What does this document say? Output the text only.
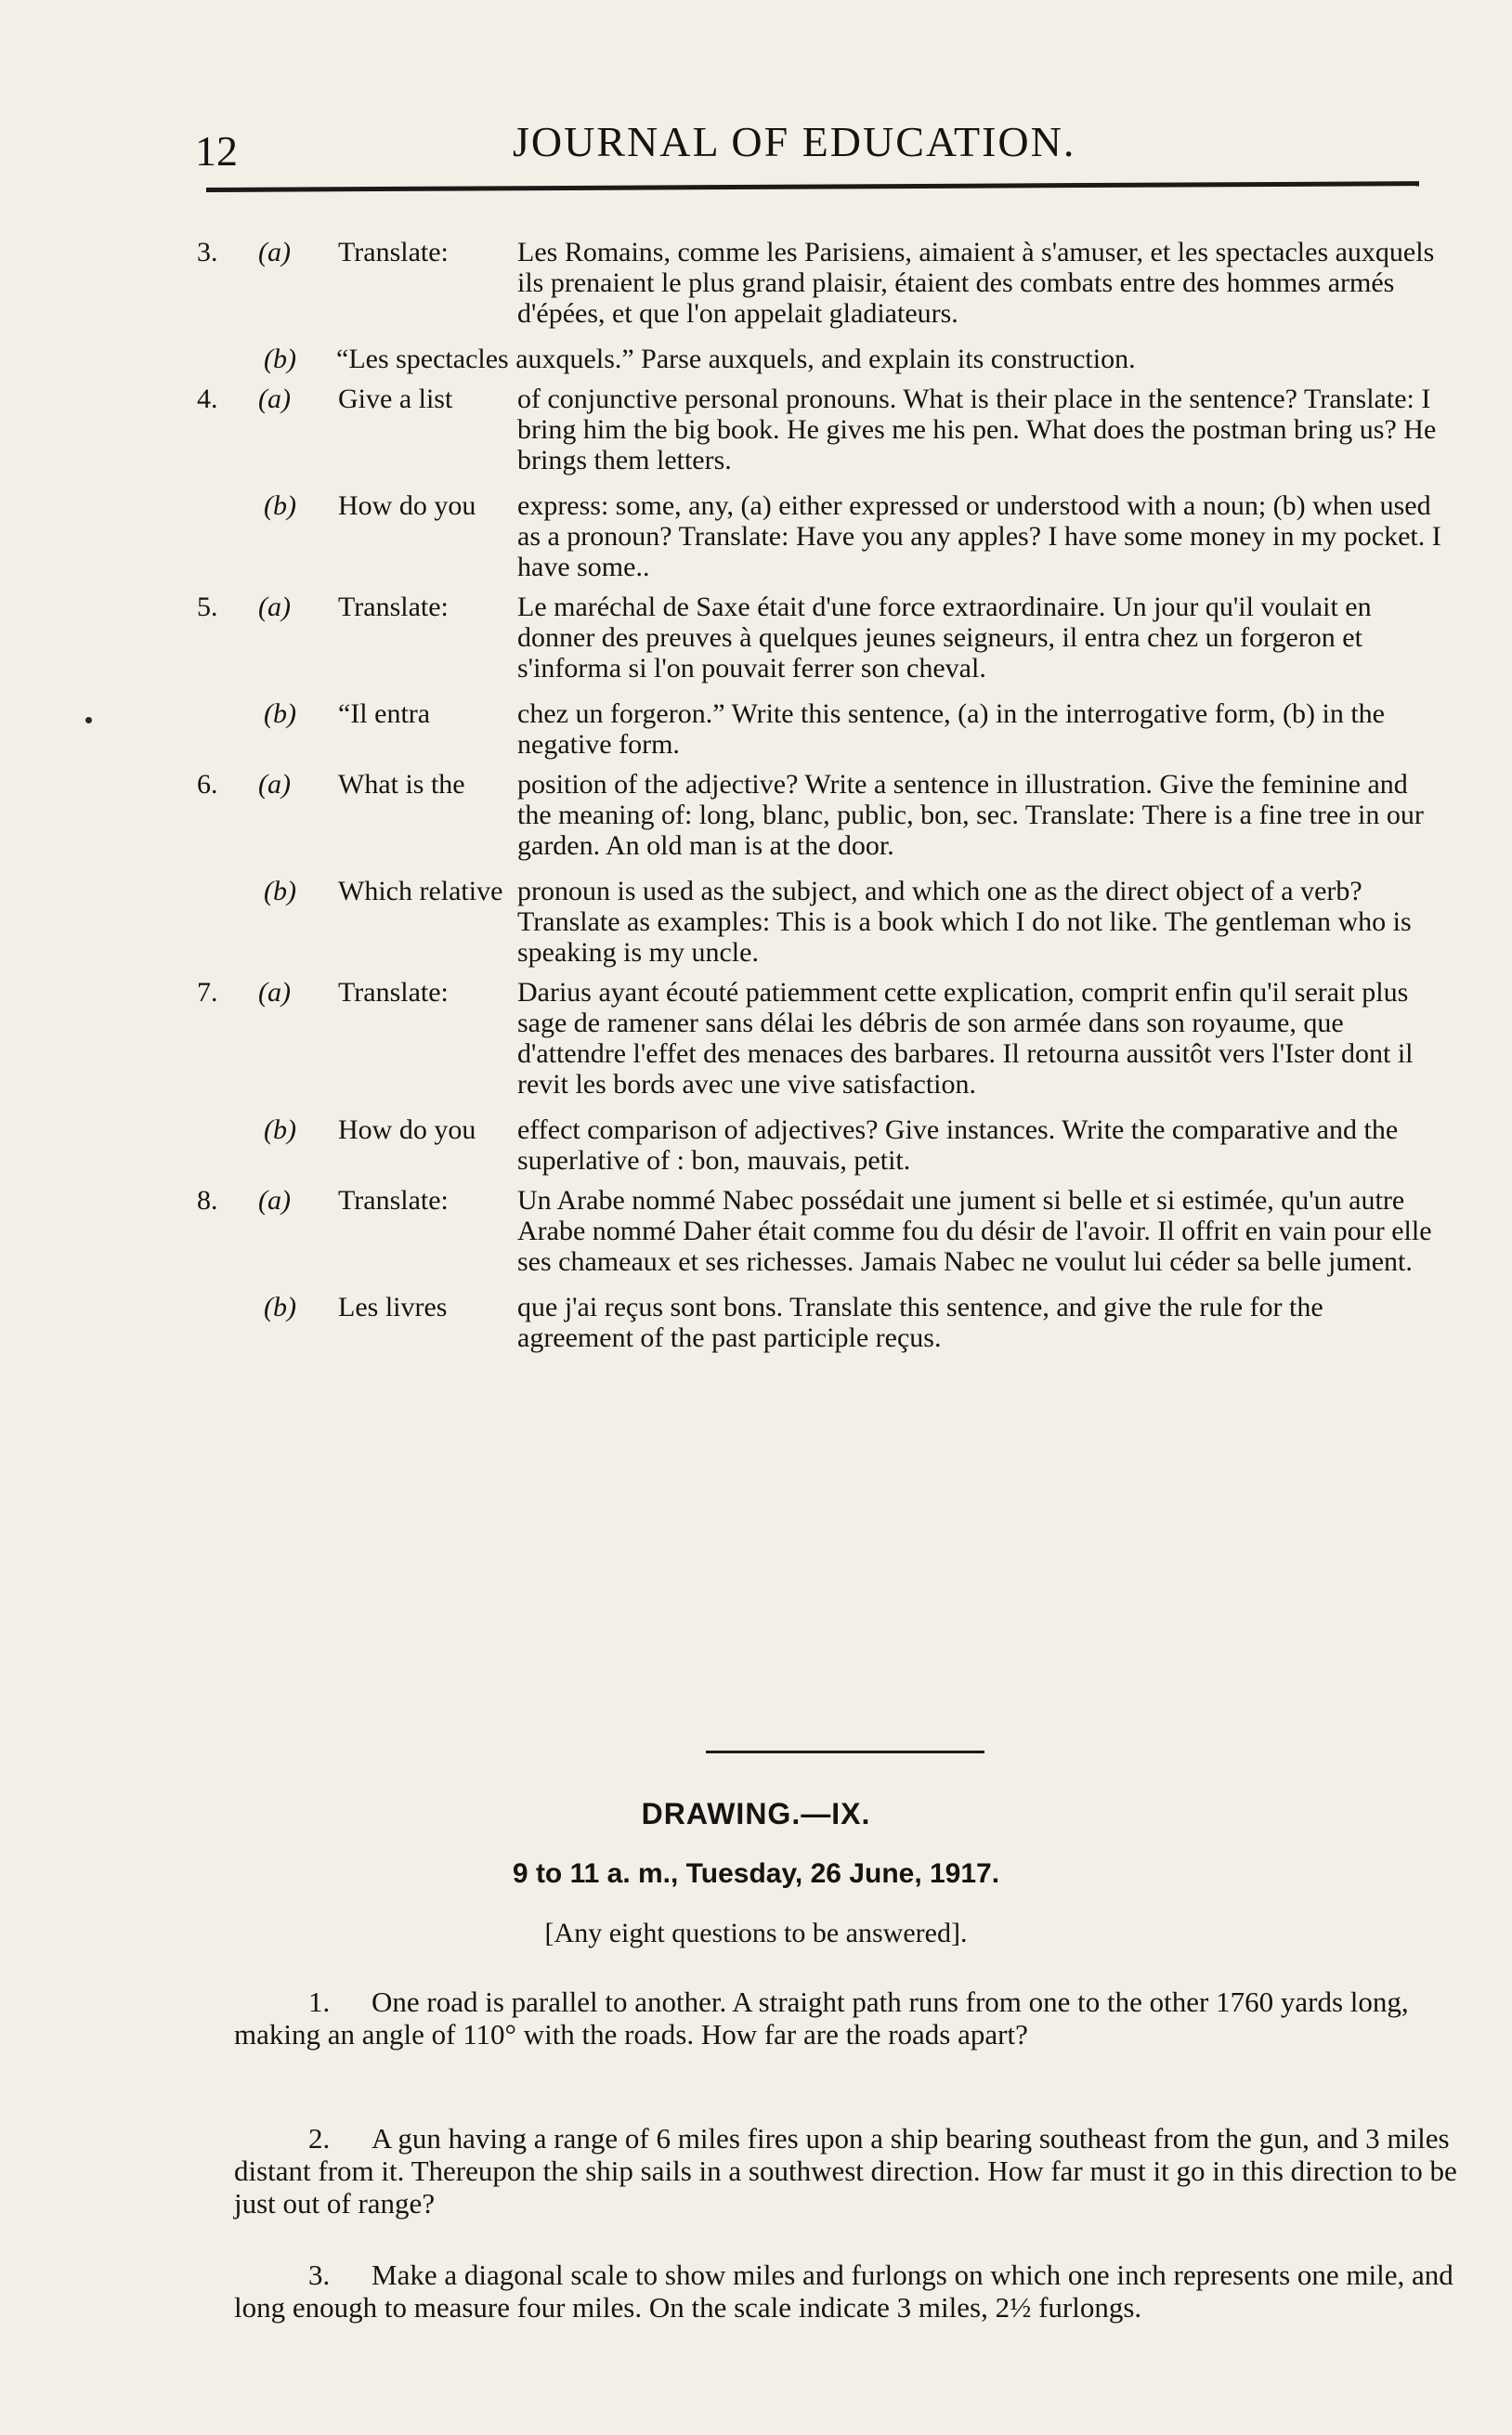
12	JOURNAL OF EDUCATION.
3.	(a)	Translate: Les Romains, comme les Parisiens, aimaient à s'amuser, et les spectacles auxquels ils prenaient le plus grand plaisir, étaient des combats entre des hommes armés d'épées, et que l'on appelait gladiateurs.
(b)	“Les spectacles auxquels.” Parse auxquels, and explain its construction.
4.	(a)	Give a list of conjunctive personal pronouns. What is their place in the sentence? Translate: I bring him the big book. He gives me his pen. What does the postman bring us? He brings them letters.
(b)	How do you express: some, any, (a) either expressed or understood with a noun; (b) when used as a pronoun? Translate: Have you any apples? I have some money in my pocket. I have some..
5.	(a)	Translate: Le maréchal de Saxe était d'une force extraordinaire. Un jour qu'il voulait en donner des preuves à quelques jeunes seigneurs, il entra chez un forgeron et s'informa si l'on pouvait ferrer son cheval.
(b)	“Il entra	chez un forgeron.” Write this sentence, (a) in the interrogative form, (b) in the negative form.
6.	(a)	What is the position of the adjective? Write a sentence in illustration. Give the feminine and the meaning of: long, blanc, public, bon, sec. Translate: There is a fine tree in our garden. An old man is at the door.
(b)	Which relative pronoun is used as the subject, and which one as the direct object of a verb? Translate as examples: This is a book which I do not like. The gentleman who is speaking is my uncle.
7.	(a)	Translate: Darius ayant écouté patiemment cette explication, comprit enfin qu'il serait plus sage de ramener sans délai les débris de son armée dans son royaume, que d'attendre l'effet des menaces des barbares. Il retourna aussitôt vers l'Ister dont il revit les bords avec une vive satisfaction.
(b)	How do you effect comparison of adjectives? Give instances. Write the comparative and the superlative of : bon, mauvais, petit.
8.	(a)	Translate: Un Arabe nommé Nabec possédait une jument si belle et si estimée, qu'un autre Arabe nommé Daher était comme fou du désir de l'avoir. Il offrit en vain pour elle ses chameaux et ses richesses. Jamais Nabec ne voulut lui céder sa belle jument.
(b)	Les livres	que j'ai reçus sont bons. Translate this sentence, and give the rule for the agreement of the past participle reçus.
DRAWING.—IX.
9 to 11 a. m., Tuesday, 26 June, 1917.
[Any eight questions to be answered].
1. One road is parallel to another. A straight path runs from one to the other 1760 yards long, making an angle of 110° with the roads. How far are the roads apart?
2. A gun having a range of 6 miles fires upon a ship bearing southeast from the gun, and 3 miles distant from it. Thereupon the ship sails in a southwest direction. How far must it go in this direction to be just out of range?
3. Make a diagonal scale to show miles and furlongs on which one inch represents one mile, and long enough to measure four miles. On the scale indicate 3 miles, 2½ furlongs.
